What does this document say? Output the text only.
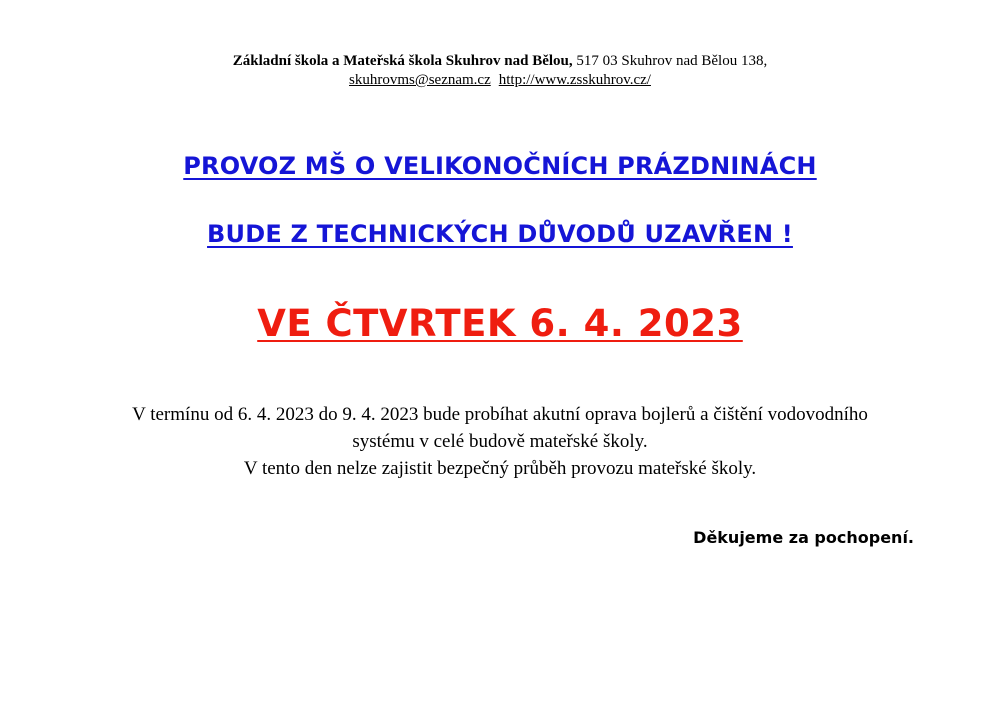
Základní škola a Mateřská škola Skuhrov nad Bělou, 517 03 Skuhrov nad Bělou 138,
skuhrovms@seznam.cz http://www.zsskuhrov.cz/
PROVOZ MŠ O VELIKONOČNÍCH PRÁZDNINÁCH
BUDE Z TECHNICKÝCH DŮVODŮ UZAVŘEN !
VE ČTVRTEK 6. 4. 2023
V termínu od 6. 4. 2023 do 9. 4. 2023 bude probíhat akutní oprava bojlerů a čištění vodovodního
systému v celé budově mateřské školy.
V tento den nelze zajistit bezpečný průběh provozu mateřské školy.
Děkujeme za pochopení.
